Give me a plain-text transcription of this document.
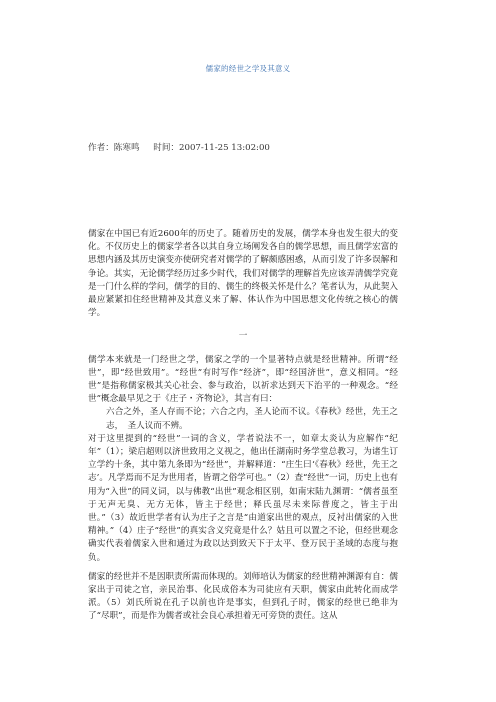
儒家的经世之学及其意义
作者：陈寒鸣     时间：2007-11-25 13:02:00

儒家在中国已有近2600年的历史了。随着历史的发展，儒学本身也发生很大的变化。不仅历史上的儒家学者各以其自身立场阐发各自的儒学思想，而且儒学宏富的思想内涵及其历史演变亦使研究者对儒学的了解颇感困惑，从而引发了许多误解和争论。其实，无论儒学经历过多少时代，我们对儒学的理解首先应该弄清儒学究竟是一门什么样的学问，儒学的目的、儒生的终极关怀是什么？笔者认为，从此契入最应紧紧扣住经世精神及其意义来了解、体认作为中国思想文化传统之核心的儒学。

一

儒学本来就是一门经世之学，儒家之学的一个显著特点就是经世精神。所谓“经世”，即“经世致用”。“经世”有时写作“经济”，即“经国济世”，意义相同。“经世”是指称儒家极其关心社会、参与政治，以祈求达到天下治平的一种观念。“经世”概念最早见之于《庄子・齐物论》，其言有曰：

六合之外，圣人存而不论；六合之内，圣人论而不议。《春秋》经世，先王之志，　圣人议而不辨。

对于这里提到的“经世”一词的含义，学者说法不一，如章太炎认为应解作“纪年”（1）；梁启超则以济世致用之义视之，他出任湖南时务学堂总教习，为诸生订立学约十条，其中第九条即为“经世”，并解释道：“庄生曰‘《春秋》经世，先王之志’。凡学焉而不足为世用者，皆谓之俗学可也。”（2）查“经世”一词，历史上也有用为“入世”的同义词，以与佛教“出世”观念相区别，如南宋陆九渊谓：“儒者虽至于无声无臭、无方无体，皆主于经世；释氏虽尽未来际普度之，皆主于出世。”（3）故近世学者有认为庄子之言是“由道家出世的观点，反衬出儒家的入世精神。”（4）庄子“经世”的真实含义究竟是什么？姑且可以置之不论，但经世观念确实代表着儒家入世和通过为政以达到致天下于太平、登万民于圣域的态度与抱负。

儒家的经世并不是因职责所需而体现的。刘师培认为儒家的经世精神渊源有自：儒家出于司徒之官，亲民治事、化民成俗本为司徒应有天职，儒家由此转化而成学派。（5）刘氏所说在孔子以前也许是事实，但到孔子时，儒家的经世已绝非为了“尽职”，而是作为儒者或社会良心承担着无可旁贷的责任。这从
